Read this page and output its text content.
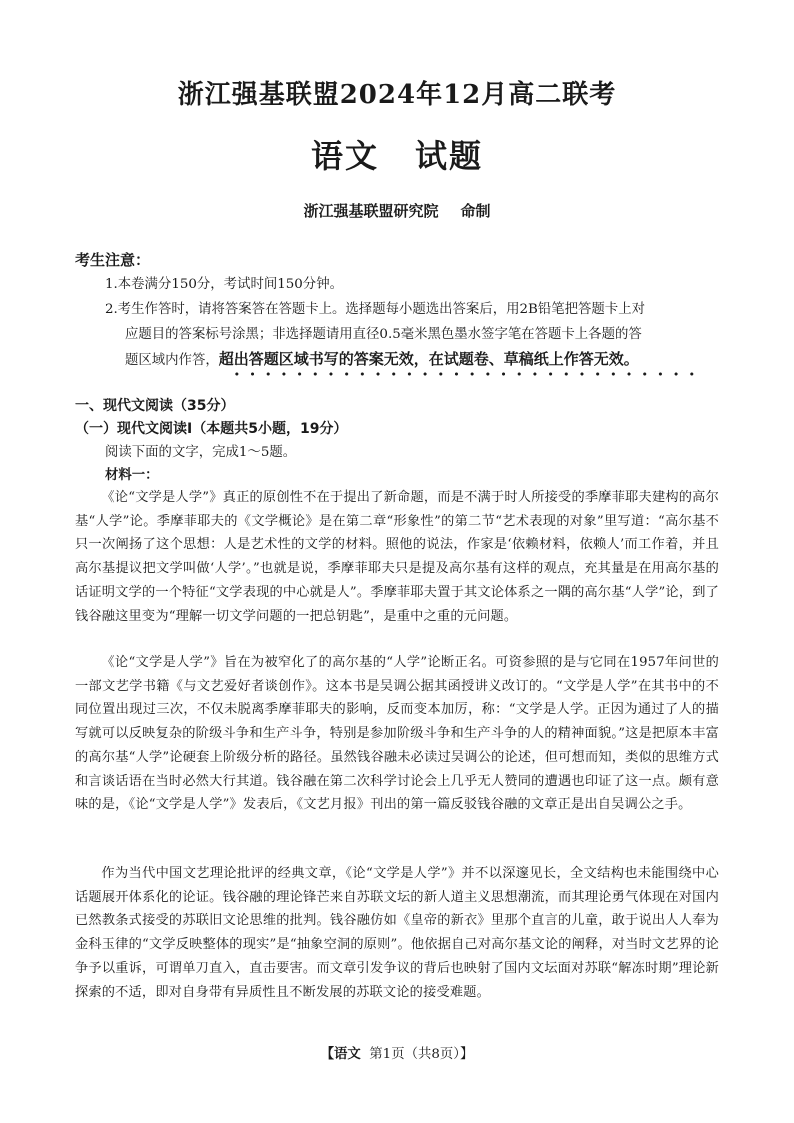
浙江强基联盟2024年12月高二联考
语文 试题
浙江强基联盟研究院 命制
考生注意：
1.本卷满分150分，考试时间150分钟。
2.考生作答时，请将答案答在答题卡上。选择题每小题选出答案后，用2B铅笔把答题卡上对
应题目的答案标号涂黑；非选择题请用直径0.5毫米黑色墨水签字笔在答题卡上各题的答
题区域内作答，超出答题区域书写的答案无效，在试题卷、草稿纸上作答无效。
一、现代文阅读（35分）
（一）现代文阅读Ⅰ（本题共5小题，19分）
阅读下面的文字，完成1～5题。
材料一：

《论“文学是人学”》真正的原创性不在于提出了新命题，而是不满于时人所接受的季摩菲耶夫建构的高尔基“人学”论。季摩菲耶夫的《文学概论》是在第二章“形象性”的第二节“艺术表现的对象”里写道：“高尔基不只一次阐扬了这个思想：人是艺术性的文学的材料。照他的说法，作家是‘依赖材料，依赖人’而工作着，并且高尔基提议把文学叫做‘人学’。”也就是说，季摩菲耶夫只是提及高尔基有这样的观点，充其量是在用高尔基的话证明文学的一个特征“文学表现的中心就是人”。季摩菲耶夫置于其文论体系之一隅的高尔基“人学”论，到了钱谷融这里变为“理解一切文学问题的一把总钥匙”，是重中之重的元问题。

《论“文学是人学”》旨在为被窄化了的高尔基的“人学”论断正名。可资参照的是与它同在1957年问世的一部文艺学书籍《与文艺爱好者谈创作》。这本书是吴调公据其函授讲义改订的。“文学是人学”在其书中的不同位置出现过三次，不仅未脱离季摩菲耶夫的影响，反而变本加厉，称：“文学是人学。正因为通过了人的描写就可以反映复杂的阶级斗争和生产斗争，特别是参加阶级斗争和生产斗争的人的精神面貌。”这是把原本丰富的高尔基“人学”论硬套上阶级分析的路径。虽然钱谷融未必读过吴调公的论述，但可想而知，类似的思维方式和言谈话语在当时必然大行其道。钱谷融在第二次科学讨论会上几乎无人赞同的遭遇也印证了这一点。颇有意味的是，《论“文学是人学”》发表后，《文艺月报》刊出的第一篇反驳钱谷融的文章正是出自吴调公之手。

作为当代中国文艺理论批评的经典文章，《论“文学是人学”》并不以深邃见长，全文结构也未能围绕中心话题展开体系化的论证。钱谷融的理论锋芒来自苏联文坛的新人道主义思想潮流，而其理论勇气体现在对国内已然教条式接受的苏联旧文论思维的批判。钱谷融仿如《皇帝的新衣》里那个直言的儿童，敢于说出人人奉为金科玉律的“文学反映整体的现实”是“抽象空洞的原则”。他依据自己对高尔基文论的阐释，对当时文艺界的论争予以重诉，可谓单刀直入，直击要害。而文章引发争议的背后也映射了国内文坛面对苏联“解冻时期”理论新探索的不适，即对自身带有异质性且不断发展的苏联文论的接受难题。

【语文 第1页（共8页）】
